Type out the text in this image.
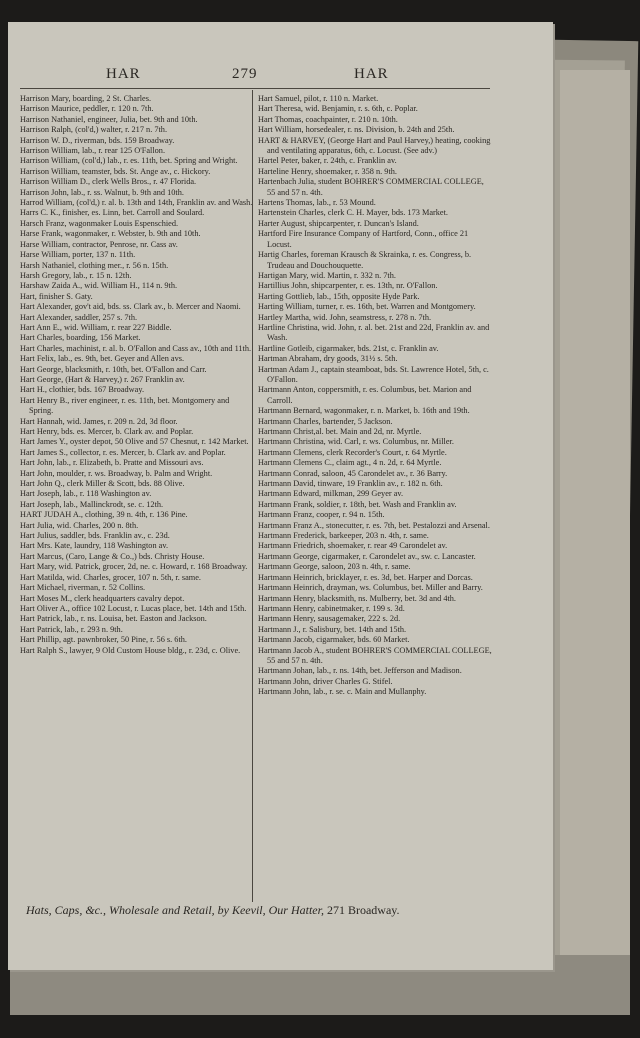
HAR	279	HAR

Harrison Mary, boarding, 2 St. Charles.

Harrison Maurice, peddler, r. 120 n. 7th.

Harrison Nathaniel, engineer, Julia, bet. 9th and 10th.

Harrison Ralph, (col'd,) walter, r. 217 n. 7th.

Harrison W. D., riverman, bds. 159 Broadway.

Harrison William, lab., r. rear 125 O'Fallon.

Harrison William, (col'd,) lab., r. es. 11th, bet. Spring and Wright.

Harrison William, teamster, bds. St. Ange av., c. Hickory.

Harrison William D., clerk Wells Bros., r. 47 Florida.

Harrison John, lab., r. ss. Walnut, b. 9th and 10th.

Harrod William, (col'd,) r. al. b. 13th and 14th, Franklin av. and Wash.

Harrs C. K., finisher, es. Linn, bet. Carroll and Soulard.

Harsch Franz, wagonmaker Louis Espenschied.

Harse Frank, wagonmaker, r. Webster, b. 9th and 10th.

Harse William, contractor, Penrose, nr. Cass av.

Harse William, porter, 137 n. 11th.

Harsh Nathaniel, clothing mer., r. 56 n. 15th.

Harsh Gregory, lab., r. 15 n. 12th.

Harshaw Zaida A., wid. William H., 114 n. 9th.

Hart, finisher S. Gaty.

Hart Alexander, gov't aid, bds. ss. Clark av., b. Mercer and Naomi.

Hart Alexander, saddler, 257 s. 7th.

Hart Ann E., wid. William, r. rear 227 Biddle.

Hart Charles, boarding, 156 Market.

Hart Charles, machinist, r. al. b. O'Fallon and Cass av., 10th and 11th.

Hart Felix, lab., es. 9th, bet. Geyer and Allen avs.

Hart George, blacksmith, r. 10th, bet. O'Fallon and Carr.

Hart George, (Hart & Harvey,) r. 267 Franklin av.

Hart H., clothier, bds. 167 Broadway.

Hart Henry B., river engineer, r. es. 11th, bet. Montgomery and Spring.

Hart Hannah, wid. James, r. 209 n. 2d, 3d floor.

Hart Henry, bds. es. Mercer, b. Clark av. and Poplar.

Hart James Y., oyster depot, 50 Olive and 57 Chesnut, r. 142 Market.

Hart James S., collector, r. es. Mercer, b. Clark av. and Poplar.

Hart John, lab., r. Elizabeth, b. Pratte and Missouri avs.

Hart John, moulder, r. ws. Broadway, b. Palm and Wright.

Hart John Q., clerk Miller & Scott, bds. 88 Olive.

Hart Joseph, lab., r. 118 Washington av.

Hart Joseph, lab., Mallinckrodt, se. c. 12th.

HART JUDAH A., clothing, 39 n. 4th, r. 136 Pine.

Hart Julia, wid. Charles, 200 n. 8th.

Hart Julius, saddler, bds. Franklin av., c. 23d.

Hart Mrs. Kate, laundry, 118 Washington av.

Hart Marcus, (Caro, Lange & Co.,) bds. Christy House.

Hart Mary, wid. Patrick, grocer, 2d, ne. c. Howard, r. 168 Broadway.

Hart Matilda, wid. Charles, grocer, 107 n. 5th, r. same.

Hart Michael, riverman, r. 52 Collins.

Hart Moses M., clerk headquarters cavalry depot.

Hart Oliver A., office 102 Locust, r. Lucas place, bet. 14th and 15th.

Hart Patrick, lab., r. ns. Louisa, bet. Easton and Jackson.

Hart Patrick, lab., r. 293 n. 9th.

Hart Phillip, agt. pawnbroker, 50 Pine, r. 56 s. 6th.

Hart Ralph S., lawyer, 9 Old Custom House bldg., r. 23d, c. Olive.

Hart Samuel, pilot, r. 110 n. Market.

Hart Theresa, wid. Benjamin, r. s. 6th, c. Poplar.

Hart Thomas, coachpainter, r. 210 n. 10th.

Hart William, horsedealer, r. ns. Division, b. 24th and 25th.

HART & HARVEY, (George Hart and Paul Harvey,) heating, cooking and ventilating apparatus, 6th, c. Locust. (See adv.)

Hartel Peter, baker, r. 24th, c. Franklin av.

Harteline Henry, shoemaker, r. 358 n. 9th.

Hartenbach Julia, student BOHRER'S COMMERCIAL COLLEGE, 55 and 57 n. 4th.

Hartens Thomas, lab., r. 53 Mound.

Hartenstein Charles, clerk C. H. Mayer, bds. 173 Market.

Harter August, shipcarpenter, r. Duncan's Island.

Hartford Fire Insurance Company of Hartford, Conn., office 21 Locust.

Hartig Charles, foreman Krausch & Skrainka, r. es. Congress, b. Trudeau and Douchouquette.

Hartigan Mary, wid. Martin, r. 332 n. 7th.

Hartillius John, shipcarpenter, r. es. 13th, nr. O'Fallon.

Harting Gottlieb, lab., 15th, opposite Hyde Park.

Harting William, turner, r. es. 16th, bet. Warren and Montgomery.

Hartley Martha, wid. John, seamstress, r. 278 n. 7th.

Hartline Christina, wid. John, r. al. bet. 21st and 22d, Franklin av. and Wash.

Hartline Gotleib, cigarmaker, bds. 21st, c. Franklin av.

Hartman Abraham, dry goods, 31½ s. 5th.

Hartman Adam J., captain steamboat, bds. St. Lawrence Hotel, 5th, c. O'Fallon.

Hartmann Anton, coppersmith, r. es. Columbus, bet. Marion and Carroll.

Hartmann Bernard, wagonmaker, r. n. Market, b. 16th and 19th.

Hartmann Charles, bartender, 5 Jackson.

Hartmann Christ,al. bet. Main and 2d, nr. Myrtle.

Hartmann Christina, wid. Carl, r. ws. Columbus, nr. Miller.

Hartmann Clemens, clerk Recorder's Court, r. 64 Myrtle.

Hartmann Clemens C., claim agt., 4 n. 2d, r. 64 Myrtle.

Hartmann Conrad, saloon, 45 Carondelet av., r. 36 Barry.

Hartmann David, tinware, 19 Franklin av., r. 182 n. 6th.

Hartmann Edward, milkman, 299 Geyer av.

Hartmann Frank, soldier, r. 18th, bet. Wash and Franklin av.

Hartmann Franz, cooper, r. 94 n. 15th.

Hartmann Franz A., stonecutter, r. es. 7th, bet. Pestalozzi and Arsenal.

Hartmann Frederick, barkeeper, 203 n. 4th, r. same.

Hartmann Friedrich, shoemaker, r. rear 49 Carondelet av.

Hartmann George, cigarmaker, r. Carondelet av., sw. c. Lancaster.

Hartmann George, saloon, 203 n. 4th, r. same.

Hartmann Heinrich, bricklayer, r. es. 3d, bet. Harper and Dorcas.

Hartmann Heinrich, drayman, ws. Columbus, bet. Miller and Barry.

Hartmann Henry, blacksmith, ns. Mulberry, bet. 3d and 4th.

Hartmann Henry, cabinetmaker, r. 199 s. 3d.

Hartmann Henry, sausagemaker, 222 s. 2d.

Hartmann J., r. Salisbury, bet. 14th and 15th.

Hartmann Jacob, cigarmaker, bds. 60 Market.

Hartmann Jacob A., student BOHRER'S COMMERCIAL COLLEGE, 55 and 57 n. 4th.

Hartmann Johan, lab., r. ns. 14th, bet. Jefferson and Madison.

Hartmann John, driver Charles G. Stifel.

Hartmann John, lab., r. se. c. Main and Mullanphy.

Hats, Caps, &c., Wholesale and Retail, by Keevil, Our Hatter, 271 Broadway.
